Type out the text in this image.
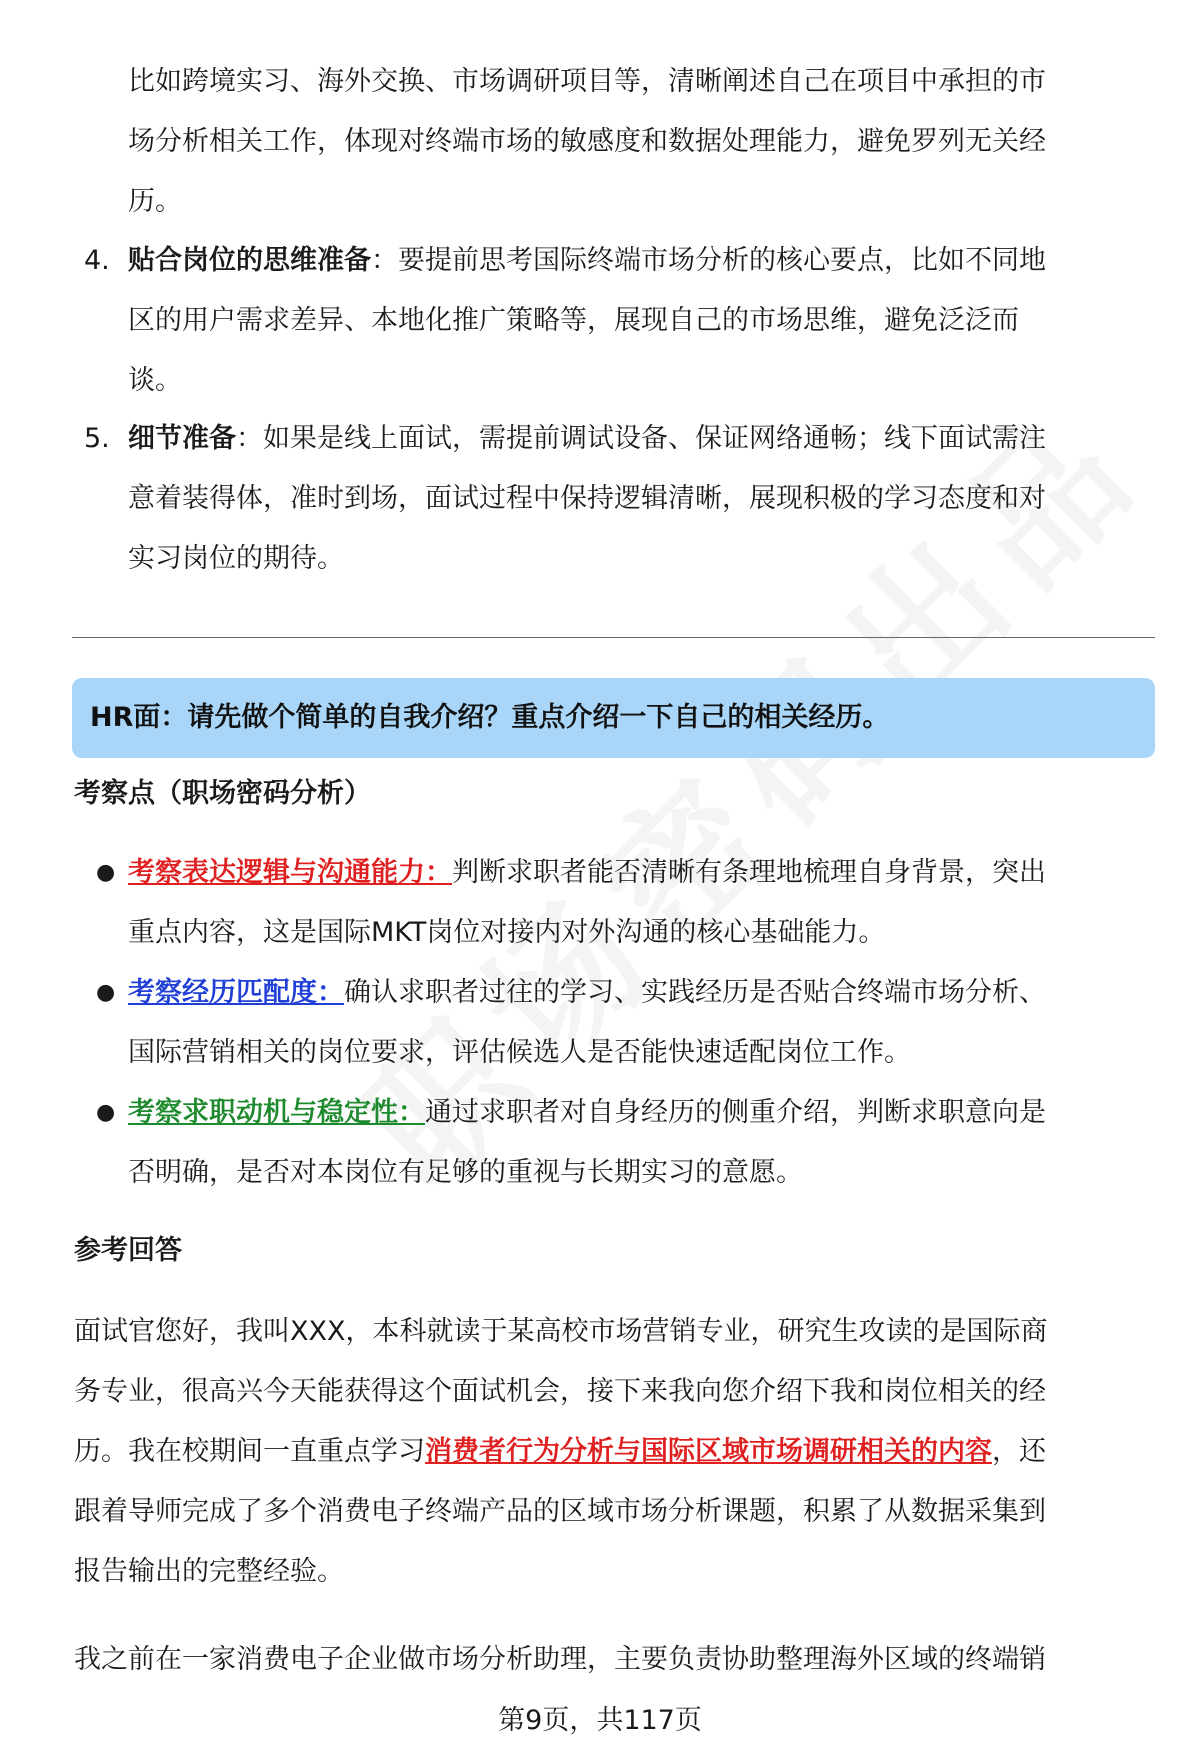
比如跨境实习、海外交换、市场调研项目等，清晰阐述自己在项目中承担的市
场分析相关工作，体现对终端市场的敏感度和数据处理能力，避免罗列无关经
历。
4. 贴合岗位的思维准备：要提前思考国际终端市场分析的核心要点，比如不同地
区的用户需求差异、本地化推广策略等，展现自己的市场思维，避免泛泛而
谈。
5. 细节准备：如果是线上面试，需提前调试设备、保证网络通畅；线下面试需注
意着装得体，准时到场，面试过程中保持逻辑清晰，展现积极的学习态度和对
实习岗位的期待。
HR面：请先做个简单的自我介绍？重点介绍一下自己的相关经历。
考察点（职场密码分析）
● 考察表达逻辑与沟通能力：判断求职者能否清晰有条理地梳理自身背景，突出
重点内容，这是国际MKT岗位对接内对外沟通的核心基础能力。
● 考察经历匹配度：确认求职者过往的学习、实践经历是否贴合终端市场分析、
国际营销相关的岗位要求，评估候选人是否能快速适配岗位工作。
● 考察求职动机与稳定性：通过求职者对自身经历的侧重介绍，判断求职意向是
否明确，是否对本岗位有足够的重视与长期实习的意愿。
参考回答
面试官您好，我叫XXX，本科就读于某高校市场营销专业，研究生攻读的是国际商
务专业，很高兴今天能获得这个面试机会，接下来我向您介绍下我和岗位相关的经
历。我在校期间一直重点学习消费者行为分析与国际区域市场调研相关的内容，还
跟着导师完成了多个消费电子终端产品的区域市场分析课题，积累了从数据采集到
报告输出的完整经验。
我之前在一家消费电子企业做市场分析助理，主要负责协助整理海外区域的终端销
第9页，共117页
